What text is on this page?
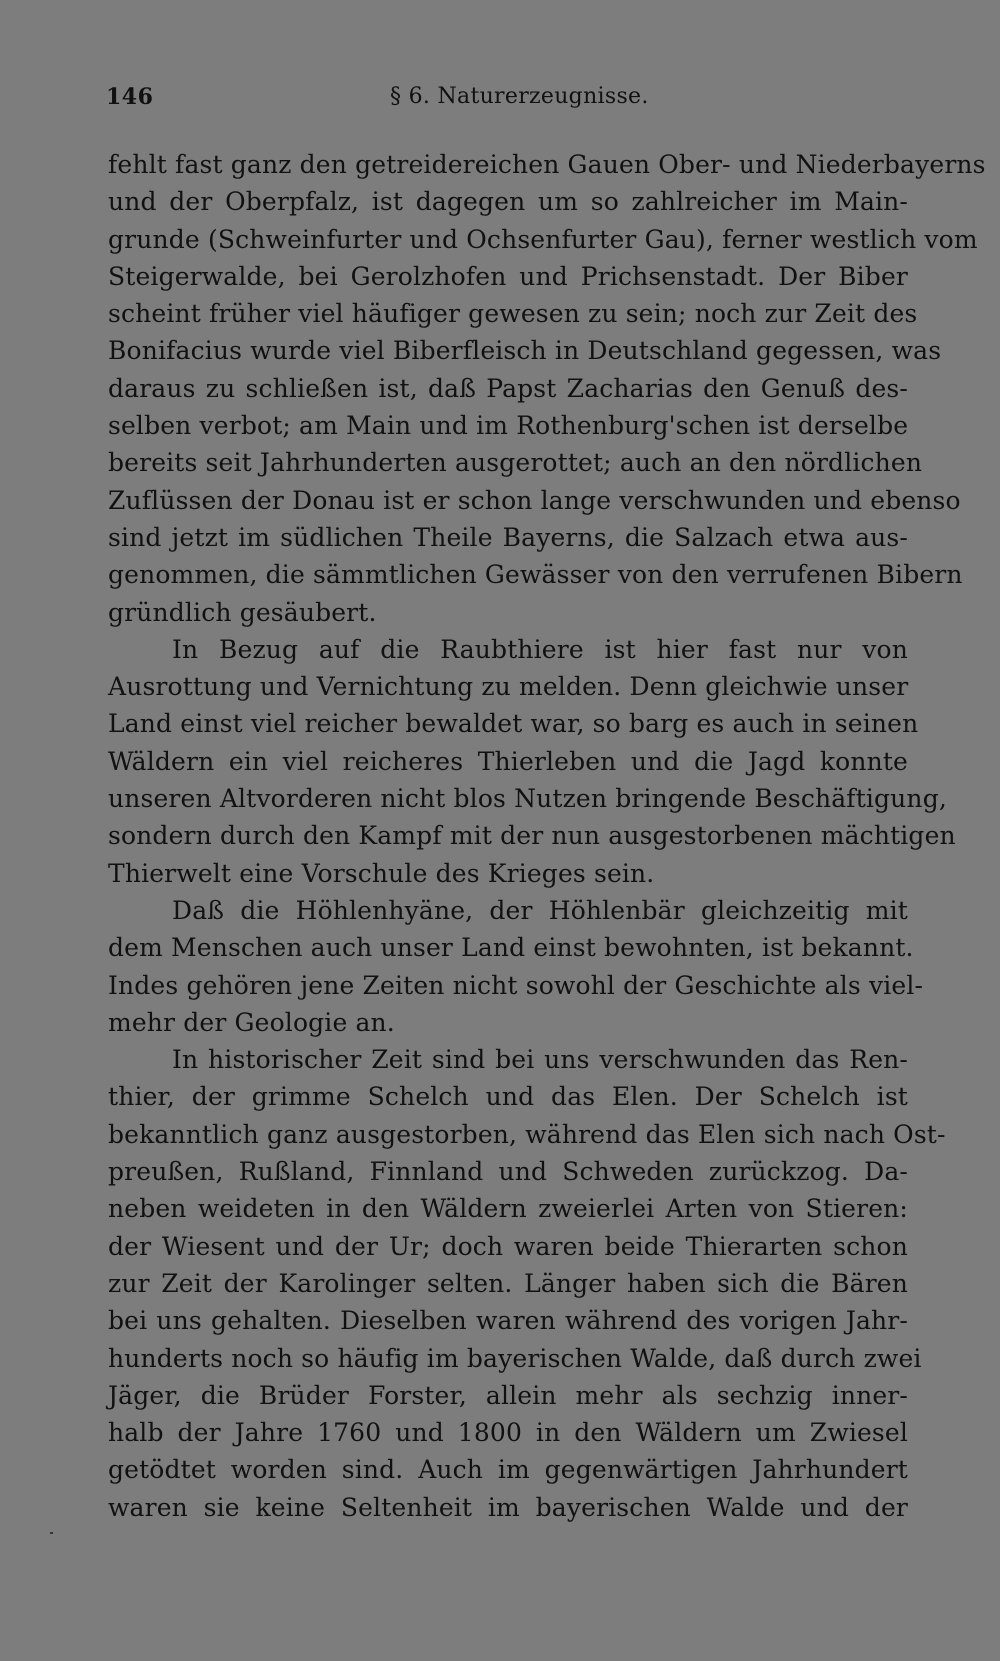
146	§ 6. Naturerzeugnisse.
fehlt fast ganz den getreidereichen Gauen Ober- und Niederbayerns
und der Oberpfalz, ist dagegen um so zahlreicher im Main-
grunde (Schweinfurter und Ochsenfurter Gau), ferner westlich vom
Steigerwalde, bei Gerolzhofen und Prichsenstadt. Der Biber
scheint früher viel häufiger gewesen zu sein; noch zur Zeit des
Bonifacius wurde viel Biberfleisch in Deutschland gegessen, was
daraus zu schließen ist, daß Papst Zacharias den Genuß des-
selben verbot; am Main und im Rothenburg'schen ist derselbe
bereits seit Jahrhunderten ausgerottet; auch an den nördlichen
Zuflüssen der Donau ist er schon lange verschwunden und ebenso
sind jetzt im südlichen Theile Bayerns, die Salzach etwa aus-
genommen, die sämmtlichen Gewässer von den verrufenen Bibern
gründlich gesäubert.
In Bezug auf die Raubthiere ist hier fast nur von
Ausrottung und Vernichtung zu melden. Denn gleichwie unser
Land einst viel reicher bewaldet war, so barg es auch in seinen
Wäldern ein viel reicheres Thierleben und die Jagd konnte
unseren Altvorderen nicht blos Nutzen bringende Beschäftigung,
sondern durch den Kampf mit der nun ausgestorbenen mächtigen
Thierwelt eine Vorschule des Krieges sein.
Daß die Höhlenhyäne, der Höhlenbär gleichzeitig mit
dem Menschen auch unser Land einst bewohnten, ist bekannt.
Indes gehören jene Zeiten nicht sowohl der Geschichte als viel-
mehr der Geologie an.
In historischer Zeit sind bei uns verschwunden das Ren-
thier, der grimme Schelch und das Elen. Der Schelch ist
bekanntlich ganz ausgestorben, während das Elen sich nach Ost-
preußen, Rußland, Finnland und Schweden zurückzog. Da-
neben weideten in den Wäldern zweierlei Arten von Stieren:
der Wiesent und der Ur; doch waren beide Thierarten schon
zur Zeit der Karolinger selten. Länger haben sich die Bären
bei uns gehalten. Dieselben waren während des vorigen Jahr-
hunderts noch so häufig im bayerischen Walde, daß durch zwei
Jäger, die Brüder Forster, allein mehr als sechzig inner-
halb der Jahre 1760 und 1800 in den Wäldern um Zwiesel
getödtet worden sind. Auch im gegenwärtigen Jahrhundert
waren sie keine Seltenheit im bayerischen Walde und der
